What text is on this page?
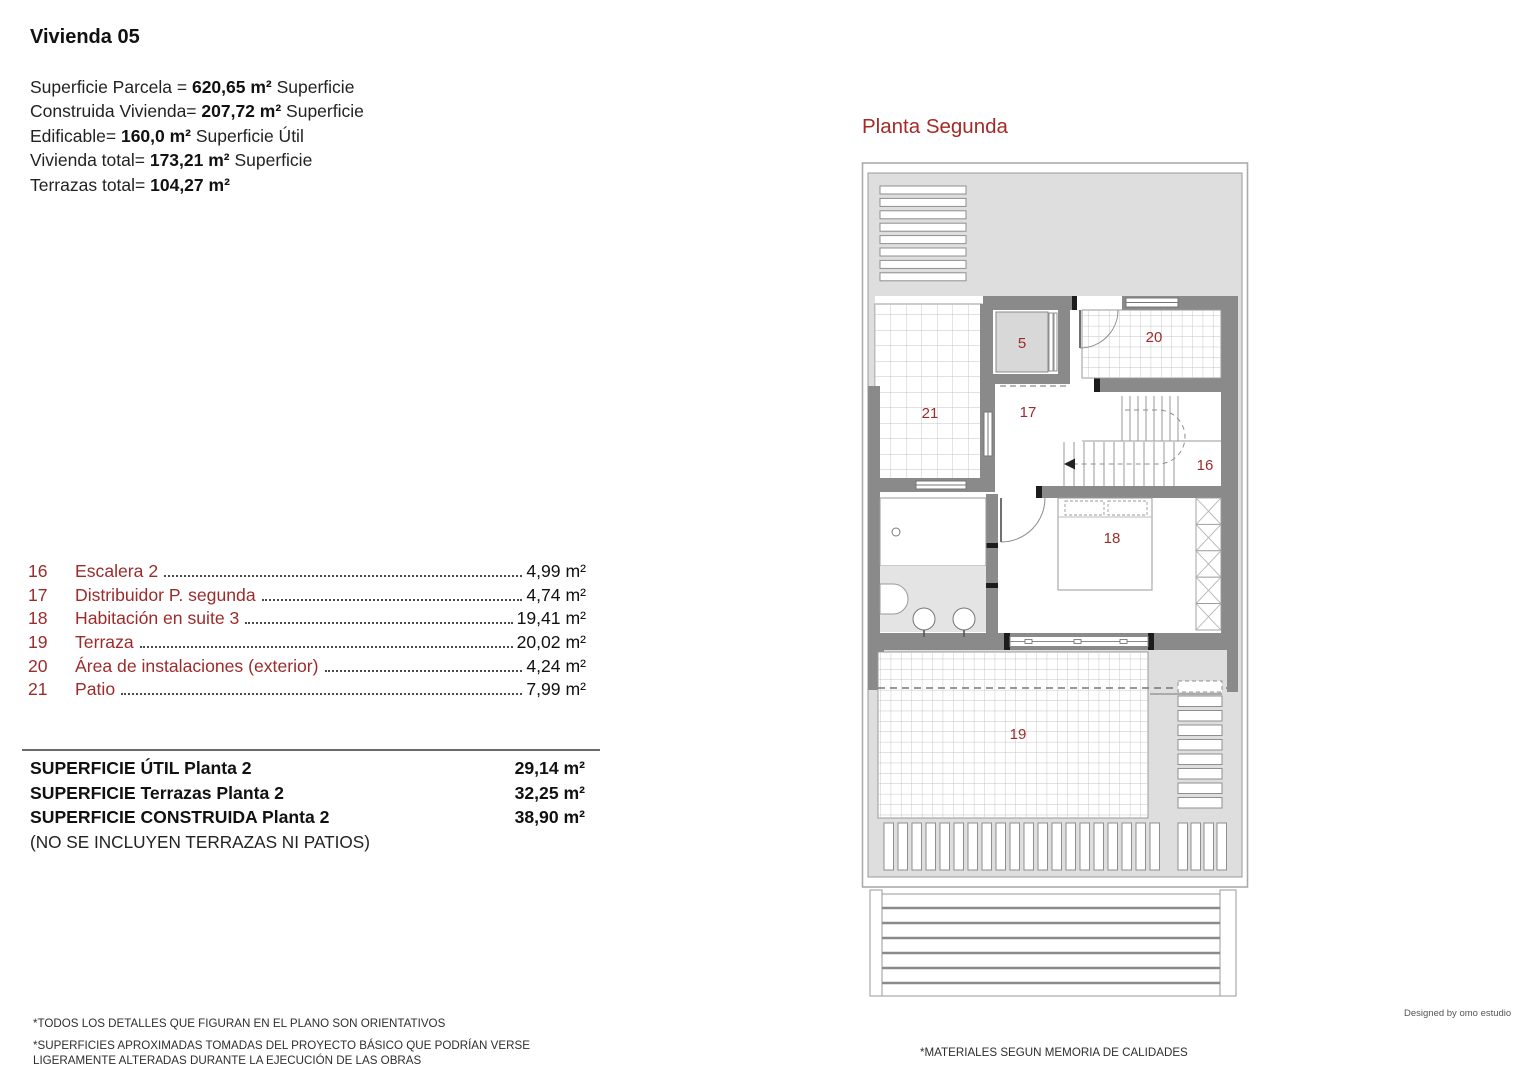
Vivienda 05
Superficie Parcela = 620,65 m² Superficie
Construida Vivienda= 207,72 m² Superficie
Edificable= 160,0 m² Superficie Útil
Vivienda total= 173,21 m² Superficie
Terrazas total= 104,27 m²
16	Escalera 2	4,99 m²
17	Distribuidor P. segunda	4,74 m²
18	Habitación en suite 3	19,41 m²
19	Terraza	20,02 m²
20	Área de instalaciones (exterior)	4,24 m²
21	Patio	7,99 m²
SUPERFICIE ÚTIL Planta 2	29,14 m²
SUPERFICIE Terrazas Planta 2	32,25 m²
SUPERFICIE CONSTRUIDA Planta 2	38,90 m²
(NO SE INCLUYEN TERRAZAS NI PATIOS)
*TODOS LOS DETALLES QUE FIGURAN EN EL PLANO SON ORIENTATIVOS
*SUPERFICIES APROXIMADAS TOMADAS DEL PROYECTO BÁSICO QUE PODRÍAN VERSE LIGERAMENTE ALTERADAS DURANTE LA EJECUCIÓN DE LAS OBRAS
*MATERIALES SEGUN MEMORIA DE CALIDADES
Designed by omo estudio
Planta Segunda
5
16
17
18
19
20
21
